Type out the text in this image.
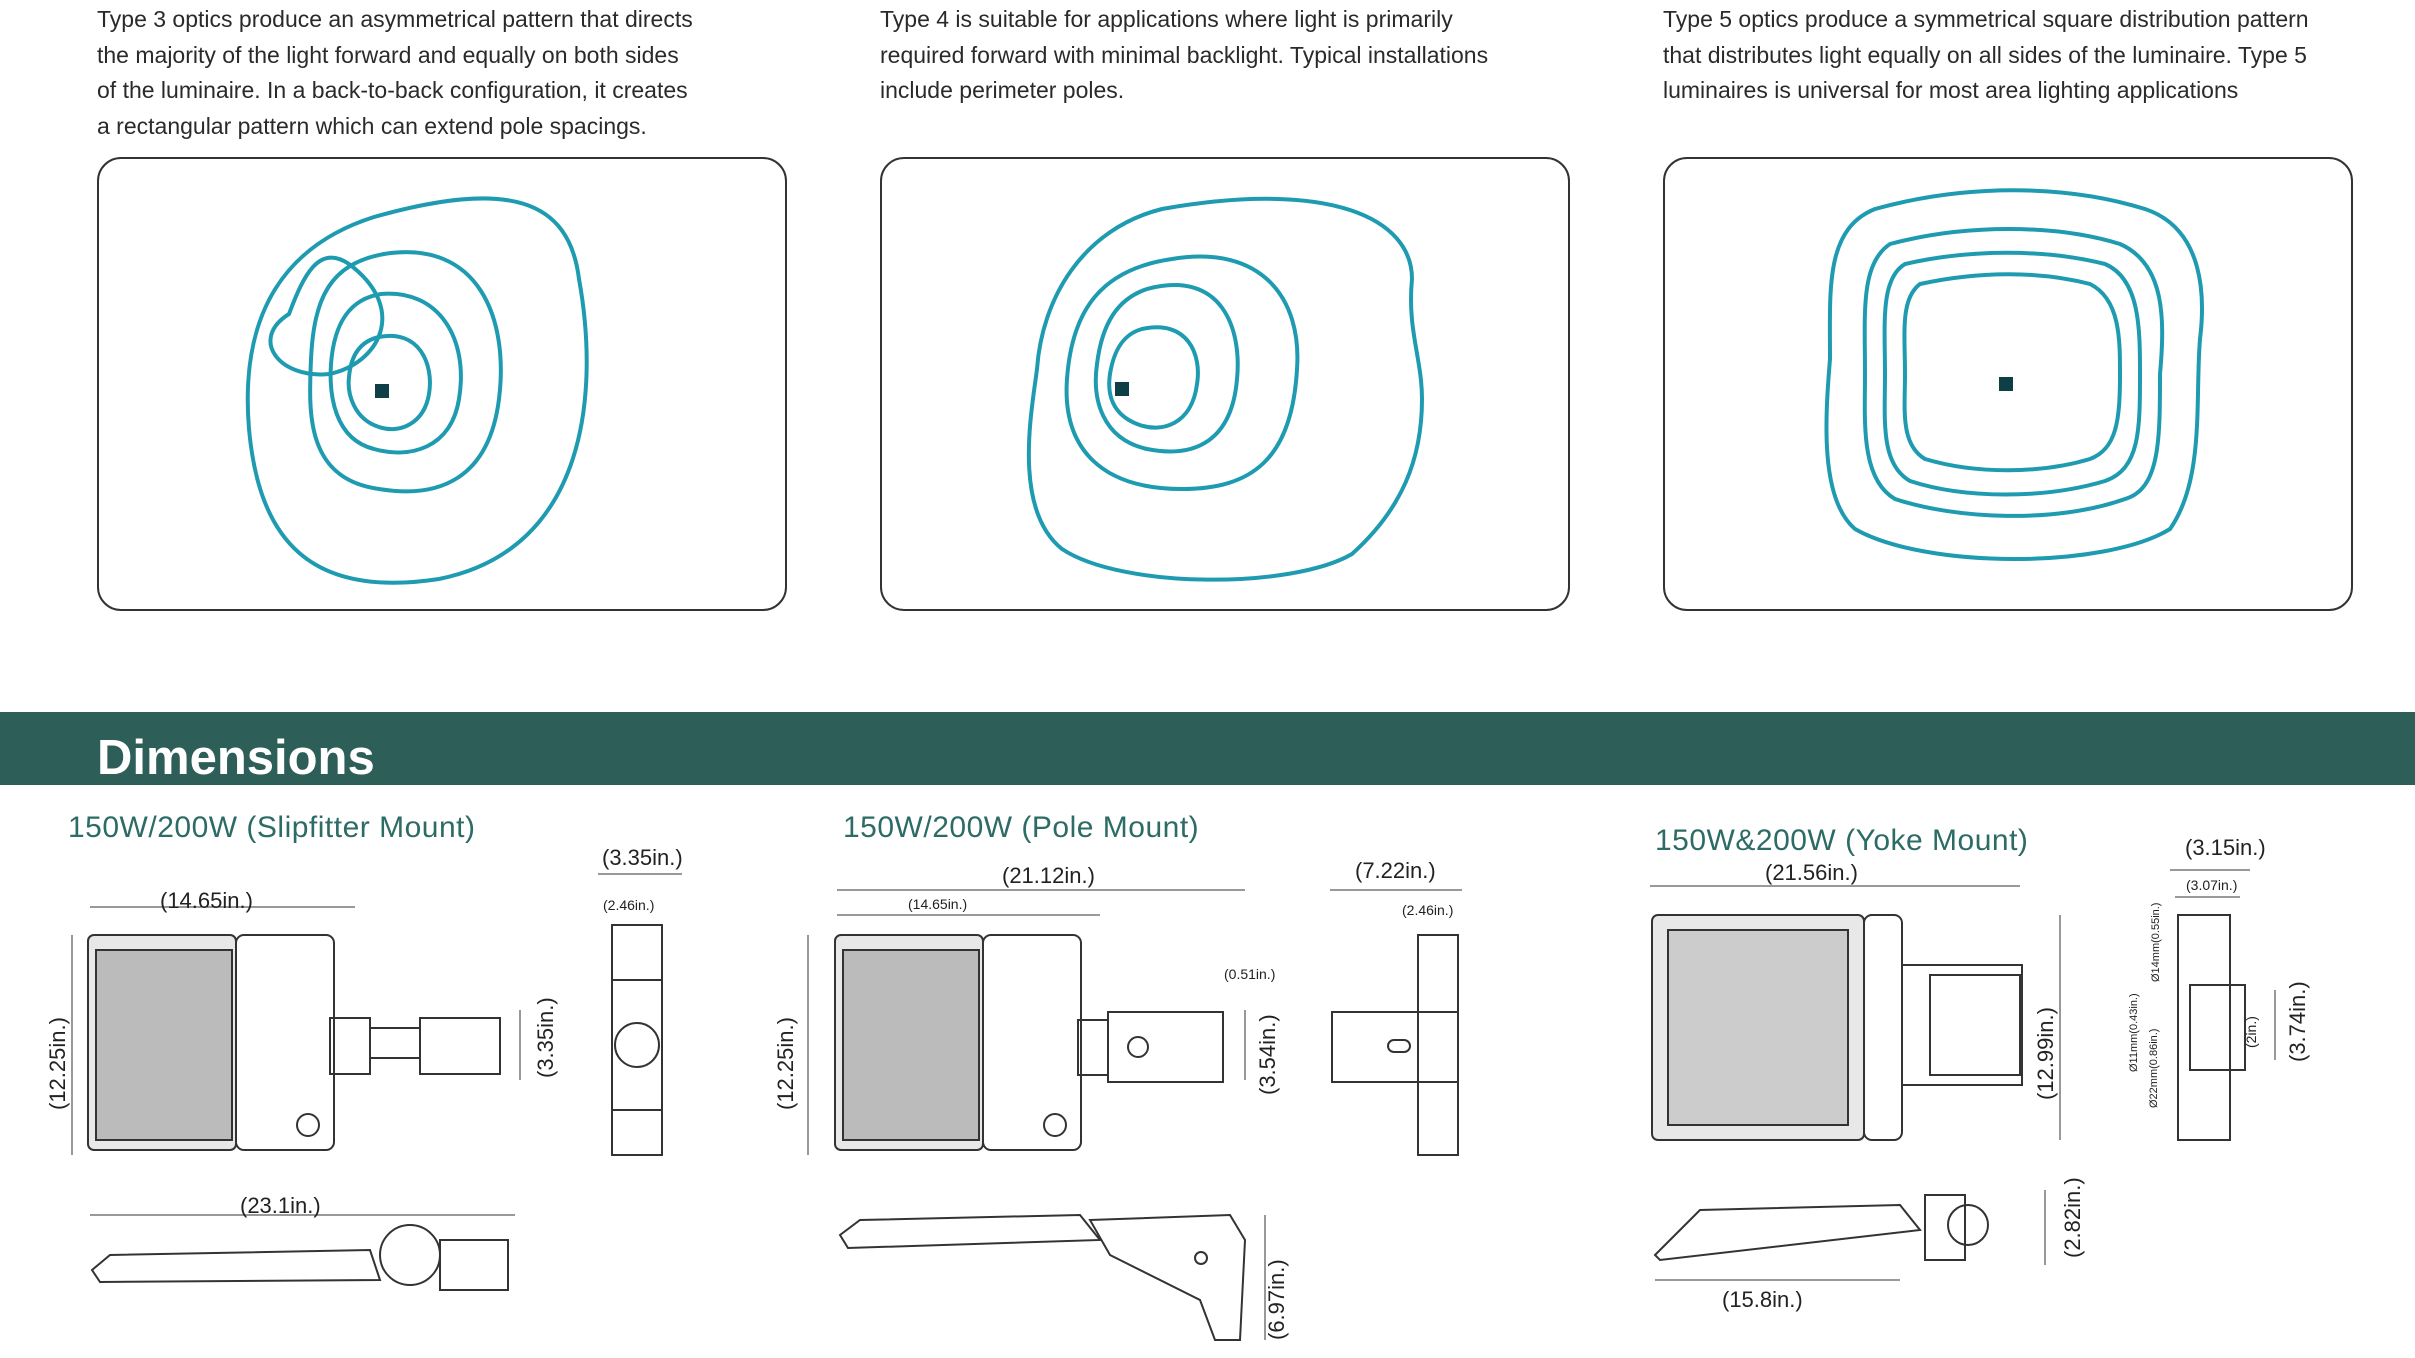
Type 3 optics produce an asymmetrical pattern that directs
the majority of the light forward and equally on both sides
of the luminaire. In a back-to-back configuration, it creates
a rectangular pattern which can extend pole spacings.
Type 4 is suitable for applications where light is primarily
required forward with minimal backlight. Typical installations
include perimeter poles.
Type 5 optics produce a symmetrical square distribution pattern
that distributes light equally on all sides of the luminaire. Type 5
luminaires is universal for most area lighting applications
Dimensions
150W/200W (Slipfitter Mount)	150W/200W (Pole Mount)	150W&200W (Yoke Mount)
(14.65in.)
(12.25in.)	(3.35in.)
(23.1in.)
(3.35in.)
(2.46in.)
(21.12in.)
(14.65in.)
(12.25in.)	(3.54in.)
(0.51in.)
(6.97in.)
(7.22in.)
(2.46in.)
(21.56in.)
(12.99in.)
(2.82in.)
(15.8in.)
(3.15in.)
(3.07in.)
(3.74in.)
(2in.)
Ø14mm(0.55in.)
Ø11mm(0.43in.) Ø22mm(0.86in.)
